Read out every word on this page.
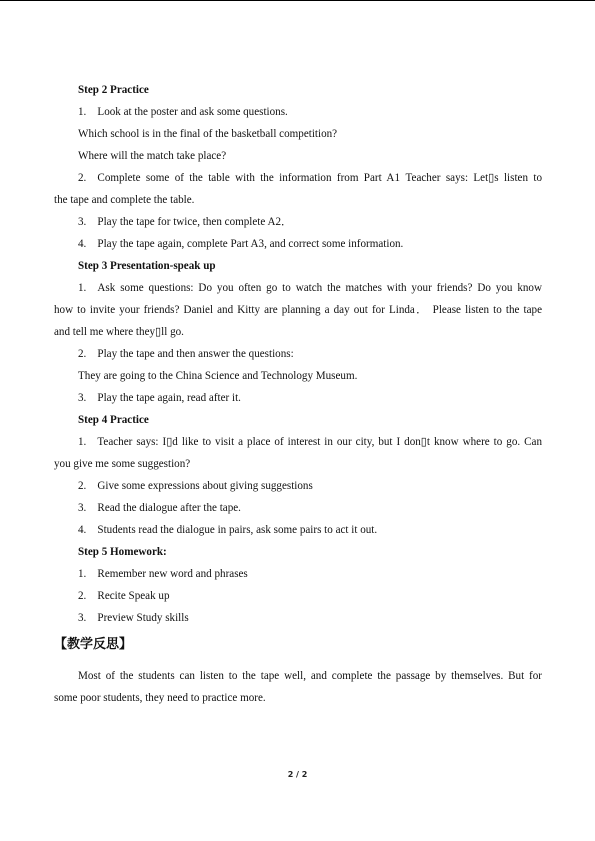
Step 2 Practice
1. Look at the poster and ask some questions.
Which school is in the final of the basketball competition?
Where will the match take place?
2. Complete some of the table with the information from Part A1 Teacher says: Let▯s listen to
the tape and complete the table.
3. Play the tape for twice, then complete A2．
4. Play the tape again, complete Part A3, and correct some information.
Step 3 Presentation-speak up
1. Ask some questions: Do you often go to watch the matches with your friends? Do you know
how to invite your friends? Daniel and Kitty are planning a day out for Linda． Please listen to the tape
and tell me where they▯ll go.
2. Play the tape and then answer the questions:
They are going to the China Science and Technology Museum.
3. Play the tape again, read after it.
Step 4 Practice
1. Teacher says: I▯d like to visit a place of interest in our city, but I don▯t know where to go. Can
you give me some suggestion?
2. Give some expressions about giving suggestions
3. Read the dialogue after the tape.
4. Students read the dialogue in pairs, ask some pairs to act it out.
Step 5 Homework:
1. Remember new word and phrases
2. Recite Speak up
3. Preview Study skills
【教学反思】
Most of the students can listen to the tape well, and complete the passage by themselves. But for
some poor students, they need to practice more.
2 / 2
